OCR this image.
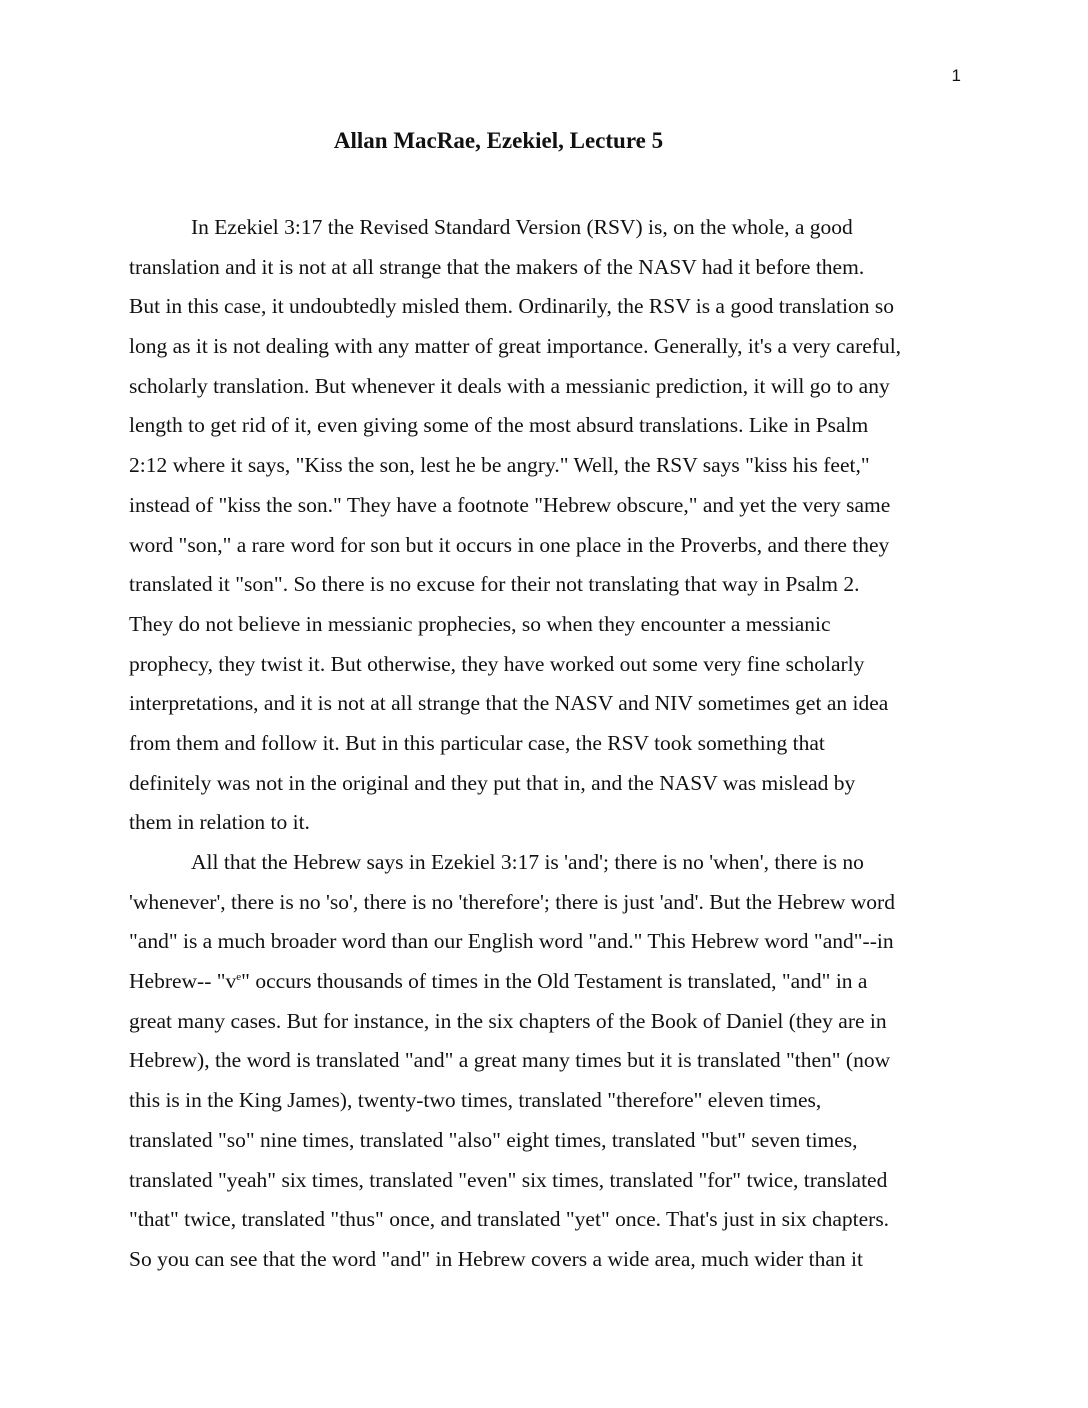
1
Allan MacRae, Ezekiel, Lecture 5
In Ezekiel 3:17 the Revised Standard Version (RSV) is, on the whole, a good
translation and it is not at all strange that the makers of the NASV had it before them.
But in this case, it undoubtedly misled them. Ordinarily, the RSV is a good translation so
long as it is not dealing with any matter of great importance. Generally, it's a very careful,
scholarly translation. But whenever it deals with a messianic prediction, it will go to any
length to get rid of it, even giving some of the most absurd translations. Like in Psalm
2:12 where it says, "Kiss the son, lest he be angry." Well, the RSV says "kiss his feet,"
instead of "kiss the son." They have a footnote "Hebrew obscure," and yet the very same
word "son," a rare word for son but it occurs in one place in the Proverbs, and there they
translated it "son". So there is no excuse for their not translating that way in Psalm 2.
They do not believe in messianic prophecies, so when they encounter a messianic
prophecy, they twist it. But otherwise, they have worked out some very fine scholarly
interpretations, and it is not at all strange that the NASV and NIV sometimes get an idea
from them and follow it. But in this particular case, the RSV took something that
definitely was not in the original and they put that in, and the NASV was mislead by
them in relation to it.
All that the Hebrew says in Ezekiel 3:17 is 'and'; there is no 'when', there is no
'whenever', there is no 'so', there is no 'therefore'; there is just 'and'. But the Hebrew word
"and" is a much broader word than our English word "and." This Hebrew word "and"--in
Hebrew-- "$v^e$" occurs thousands of times in the Old Testament is translated, "and" in a
great many cases. But for instance, in the six chapters of the Book of Daniel (they are in
Hebrew), the word is translated "and" a great many times but it is translated "then" (now
this is in the King James), twenty-two times, translated "therefore" eleven times,
translated "so" nine times, translated "also" eight times, translated "but" seven times,
translated "yeah" six times, translated "even" six times, translated "for" twice, translated
"that" twice, translated "thus" once, and translated "yet" once. That's just in six chapters.
So you can see that the word "and" in Hebrew covers a wide area, much wider than it
